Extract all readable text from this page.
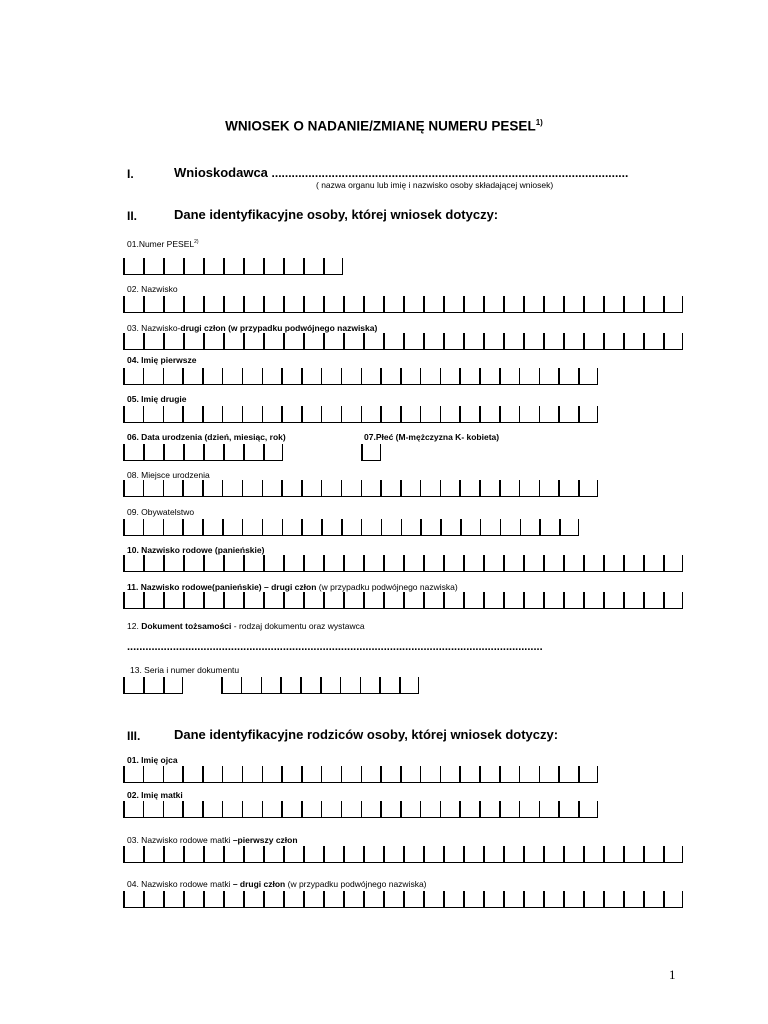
WNIOSEK O NADANIE/ZMIANĘ NUMERU PESEL$^{1)}$
I.	Wnioskodawca ...........................................................................................................
( nazwa organu lub imię i nazwisko osoby składającej wniosek)
II.	Dane identyfikacyjne osoby, której wniosek dotyczy:
01.Numer PESEL$^{2)}$
02. Nazwisko
03. Nazwisko-drugi człon (w przypadku podwójnego nazwiska)
04. Imię pierwsze
05. Imię drugie
06. Data urodzenia (dzień, miesiąc, rok)	07.Płeć (M-mężczyzna K- kobieta)
08. Miejsce urodzenia
09. Obywatelstwo
10. Nazwisko rodowe (panieńskie)
11. Nazwisko rodowe(panieńskie) – drugi człon (w przypadku podwójnego nazwiska)
12. Dokument tożsamości - rodzaj dokumentu oraz wystawca
........................................................................................................................................
13. Seria i numer dokumentu
III.	Dane identyfikacyjne rodziców osoby, której wniosek dotyczy:
01. Imię ojca
02. Imię matki
03. Nazwisko rodowe matki –pierwszy człon
04. Nazwisko rodowe matki – drugi człon (w przypadku podwójnego nazwiska)
1
